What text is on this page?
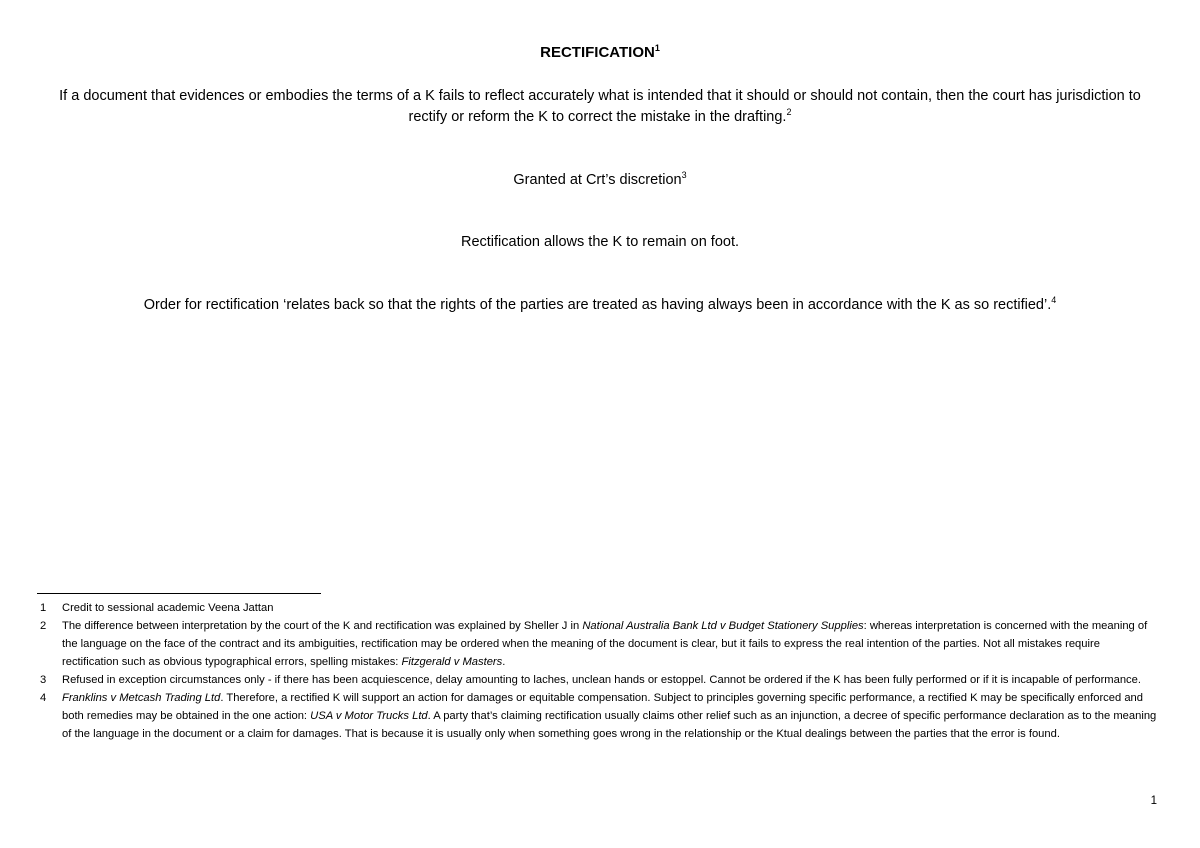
RECTIFICATION$^1$
If a document that evidences or embodies the terms of a K fails to reflect accurately what is intended that it should or should not contain, then the court has jurisdiction to rectify or reform the K to correct the mistake in the drafting.$^2$
Granted at Crt’s discretion$^3$
Rectification allows the K to remain on foot.
Order for rectification ‘relates back so that the rights of the parties are treated as having always been in accordance with the K as so rectified’.$^4$
1 Credit to sessional academic Veena Jattan
2 The difference between interpretation by the court of the K and rectification was explained by Sheller J in National Australia Bank Ltd v Budget Stationery Supplies: whereas interpretation is concerned with the meaning of the language on the face of the contract and its ambiguities, rectification may be ordered when the meaning of the document is clear, but it fails to express the real intention of the parties. Not all mistakes require rectification such as obvious typographical errors, spelling mistakes: Fitzgerald v Masters.
3 Refused in exception circumstances only - if there has been acquiescence, delay amounting to laches, unclean hands or estoppel. Cannot be ordered if the K has been fully performed or if it is incapable of performance.
4 Franklins v Metcash Trading Ltd. Therefore, a rectified K will support an action for damages or equitable compensation. Subject to principles governing specific performance, a rectified K may be specifically enforced and both remedies may be obtained in the one action: USA v Motor Trucks Ltd. A party that’s claiming rectification usually claims other relief such as an injunction, a decree of specific performance declaration as to the meaning of the language in the document or a claim for damages. That is because it is usually only when something goes wrong in the relationship or the Ktual dealings between the parties that the error is found.
1
